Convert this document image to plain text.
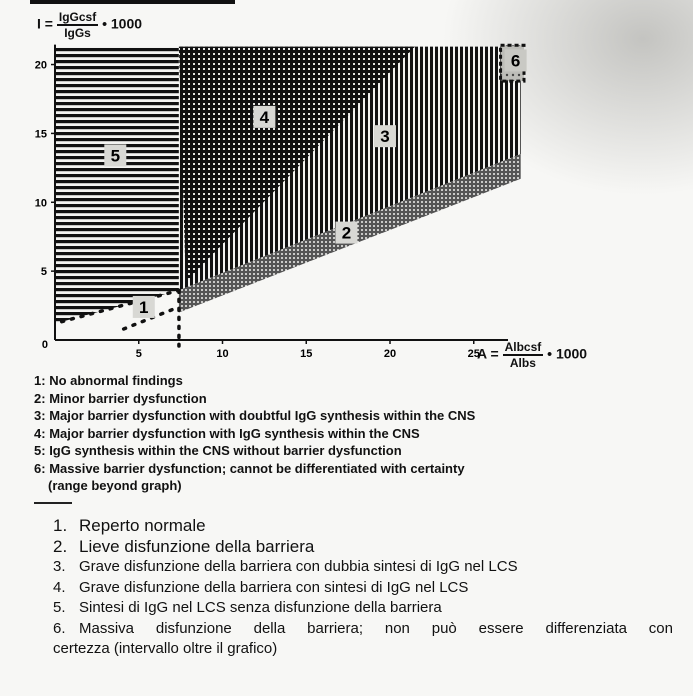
$I = \frac{\text{IgGcsf}}{\text{IgGs}}$ • 1000
$A = \frac{\text{Albcsf}}{\text{Albs}}$ • 1000
5	10	15	20	25
0
5
10
15
20
1
2
3
4
5
6
1: No abnormal findings
2: Minor barrier dysfunction
3: Major barrier dysfunction with doubtful IgG synthesis within the CNS
4: Major barrier dysfunction with IgG synthesis within the CNS
5: IgG synthesis within the CNS without barrier dysfunction
6: Massive barrier dysfunction; cannot be differentiated with certainty
(range beyond graph)
1. Reperto normale
2. Lieve disfunzione della barriera
3. Grave disfunzione della barriera con dubbia sintesi di IgG nel LCS
4. Grave disfunzione della barriera con sintesi di IgG nel LCS
5. Sintesi di IgG nel LCS senza disfunzione della barriera
6. Massiva disfunzione della barriera; non può essere differenziata con
certezza (intervallo oltre il grafico)
